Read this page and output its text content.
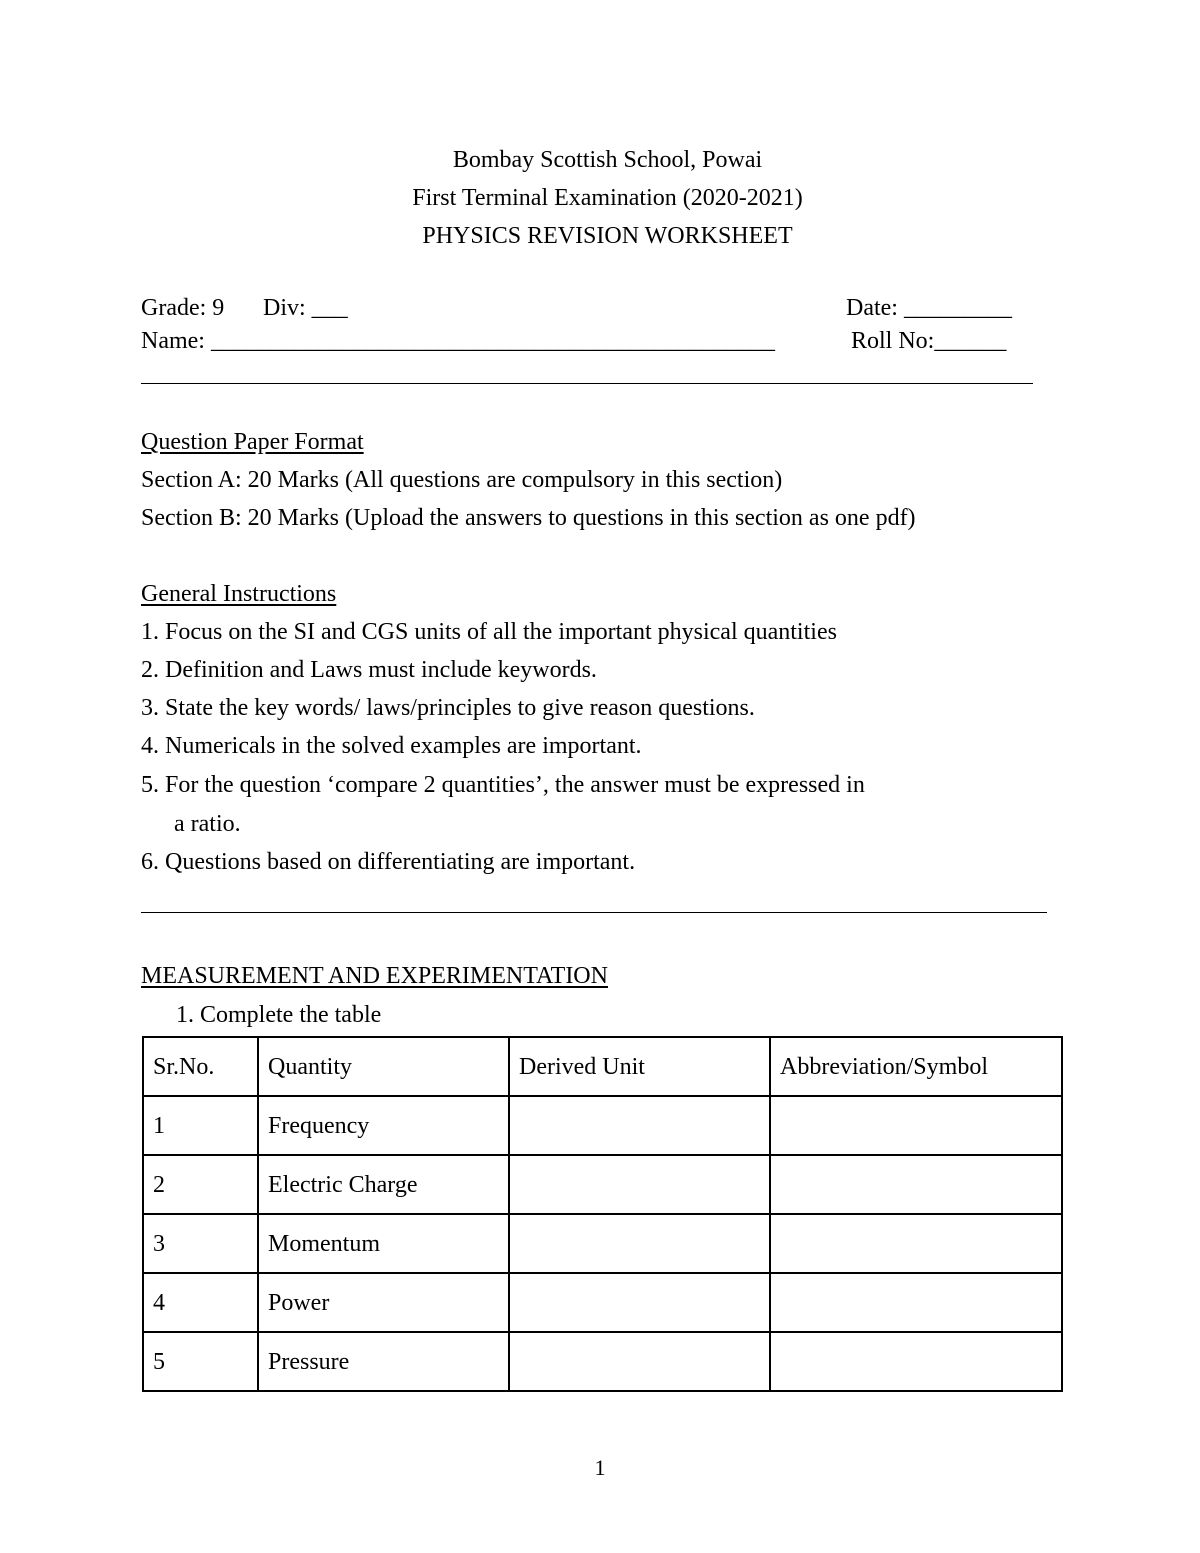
Bombay Scottish School, Powai
First Terminal Examination (2020-2021)
PHYSICS REVISION WORKSHEET
Grade: 9 Div: ___	Date: _________
Name: _______________________________________________	Roll No:______
Question Paper Format
Section A: 20 Marks (All questions are compulsory in this section)
Section B: 20 Marks (Upload the answers to questions in this section as one pdf)
General Instructions
1. Focus on the SI and CGS units of all the important physical quantities
2. Definition and Laws must include keywords.
3. State the key words/ laws/principles to give reason questions.
4. Numericals in the solved examples are important.
5. For the question ‘compare 2 quantities’, the answer must be expressed in
a ratio.
6. Questions based on differentiating are important.
MEASUREMENT AND EXPERIMENTATION
1. Complete the table
Sr.No.	Quantity	Derived Unit	Abbreviation/Symbol
1	Frequency		
2	Electric Charge		
3	Momentum		
4	Power		
5	Pressure		
1
